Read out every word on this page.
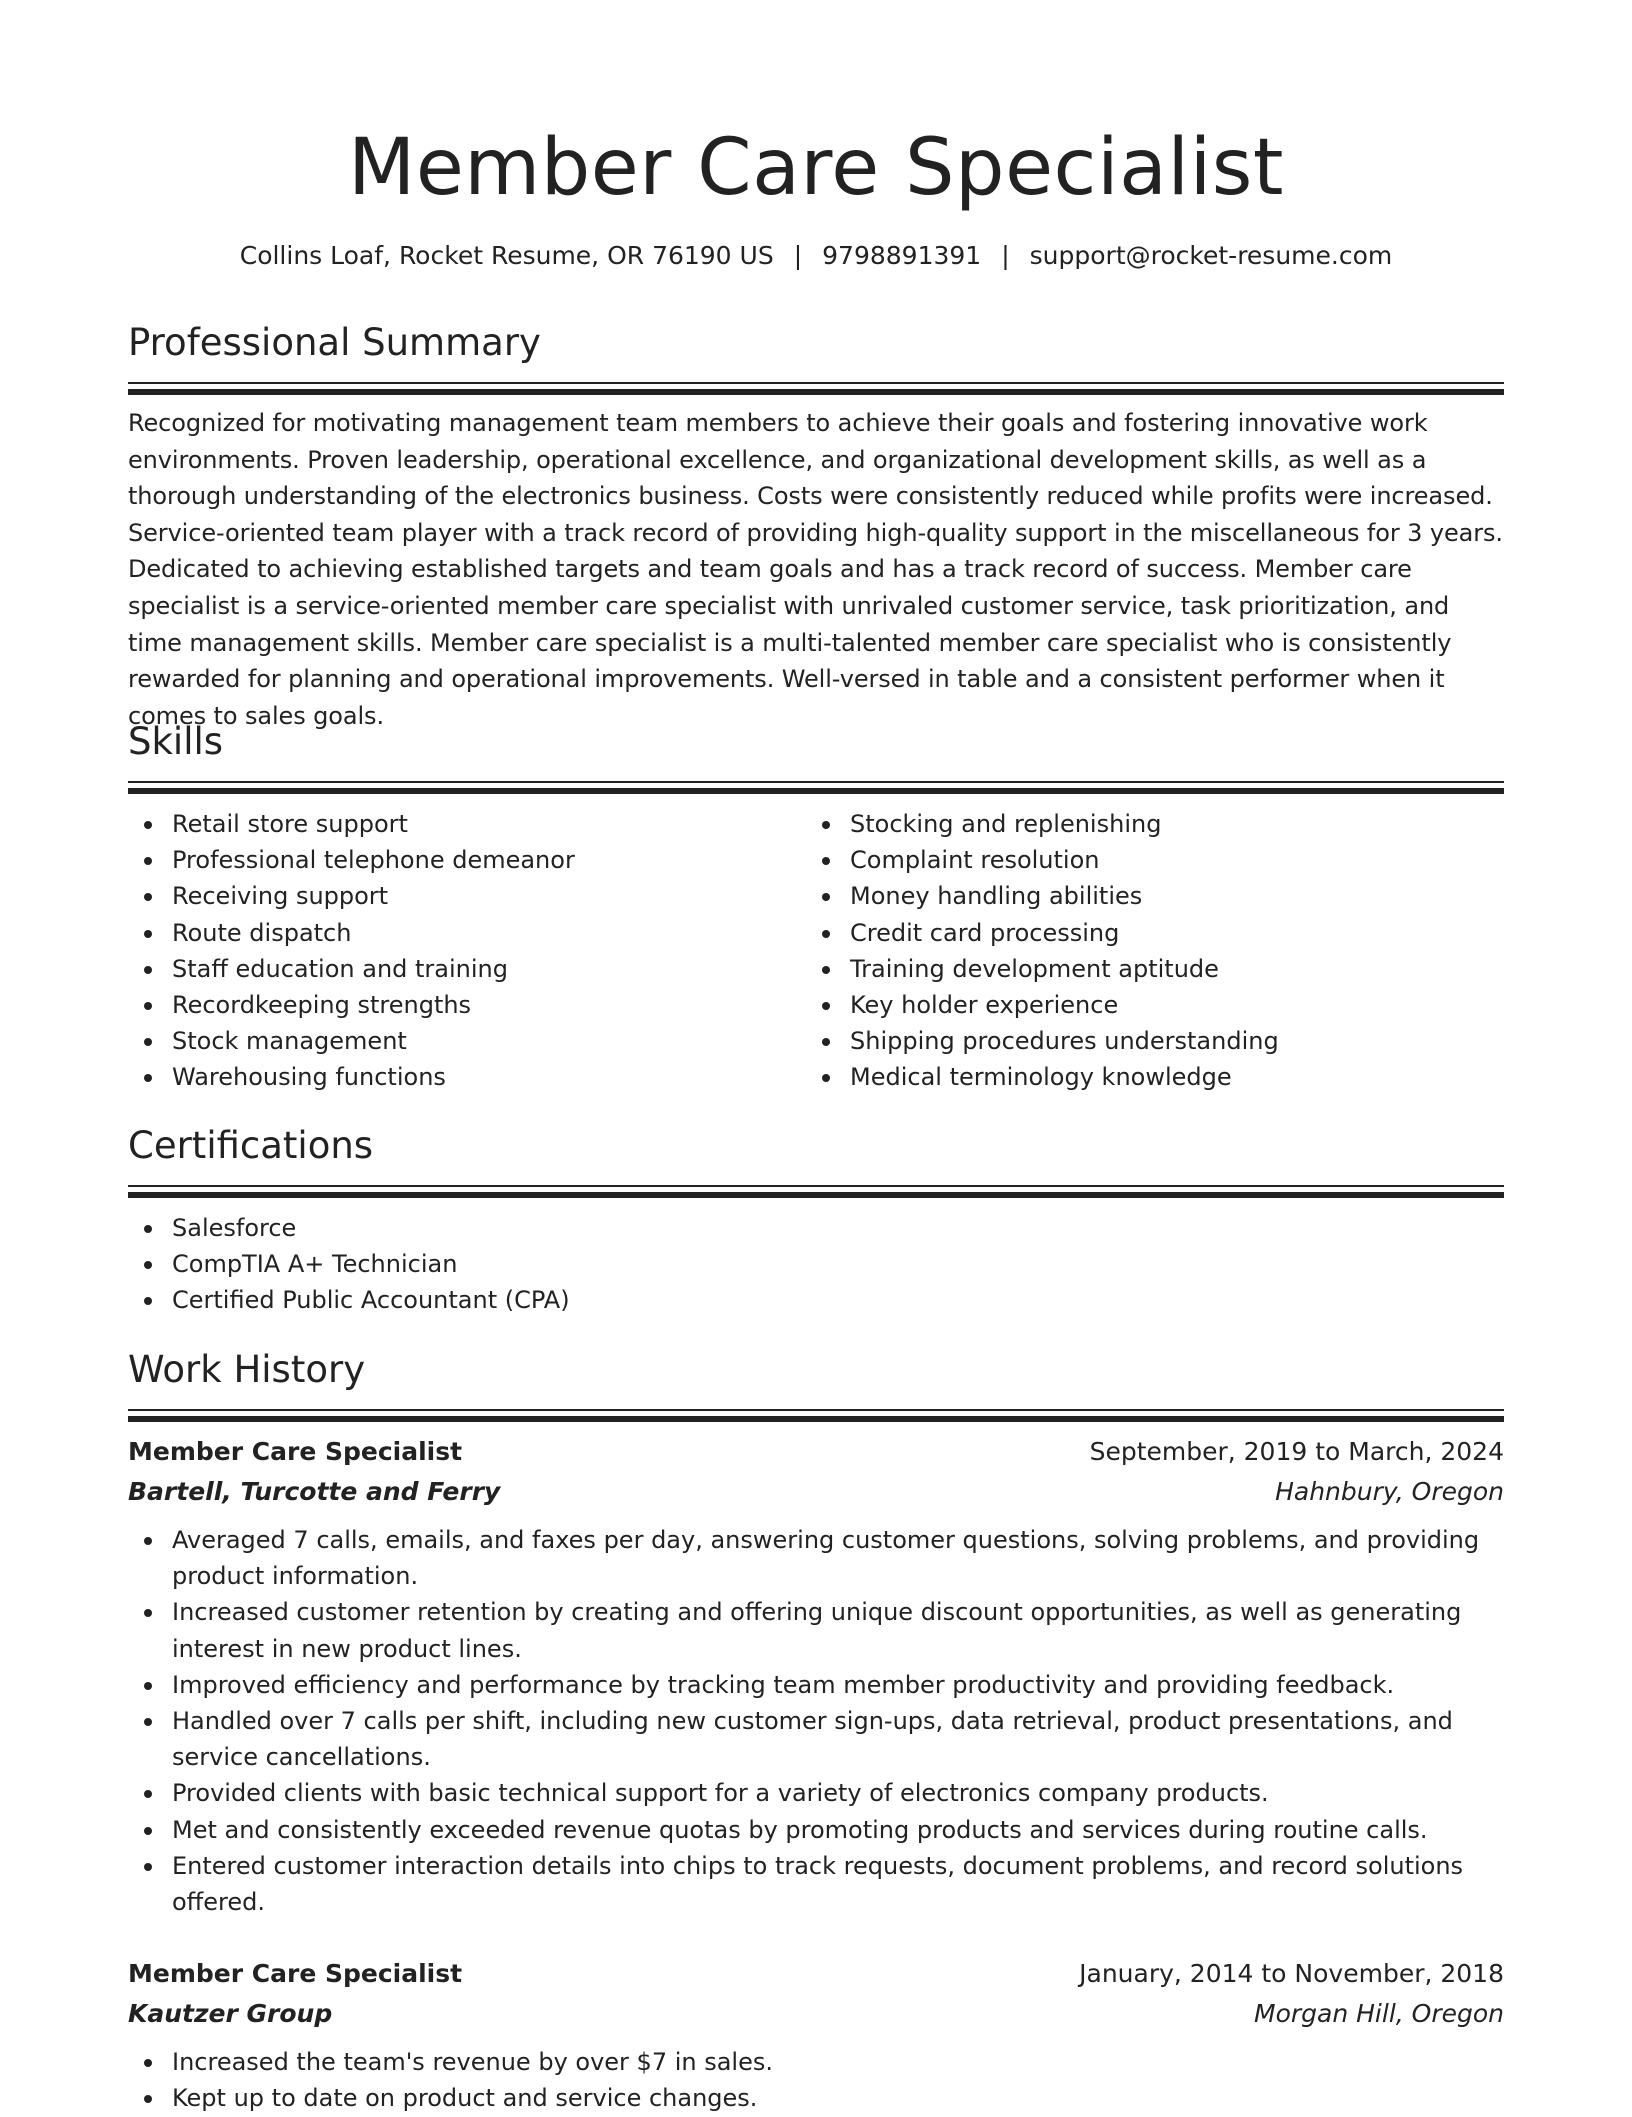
Member Care Specialist
Collins Loaf, Rocket Resume, OR 76190 US | 9798891391 | support@rocket-resume.com
Professional Summary
Recognized for motivating management team members to achieve their goals and fostering innovative work environments. Proven leadership, operational excellence, and organizational development skills, as well as a thorough understanding of the electronics business. Costs were consistently reduced while profits were increased. Service-oriented team player with a track record of providing high-quality support in the miscellaneous for 3 years. Dedicated to achieving established targets and team goals and has a track record of success. Member care specialist is a service-oriented member care specialist with unrivaled customer service, task prioritization, and time management skills. Member care specialist is a multi-talented member care specialist who is consistently rewarded for planning and operational improvements. Well-versed in table and a consistent performer when it comes to sales goals.
Skills
Retail store support
Professional telephone demeanor
Receiving support
Route dispatch
Staff education and training
Recordkeeping strengths
Stock management
Warehousing functions
Stocking and replenishing
Complaint resolution
Money handling abilities
Credit card processing
Training development aptitude
Key holder experience
Shipping procedures understanding
Medical terminology knowledge
Certifications
Salesforce
CompTIA A+ Technician
Certified Public Accountant (CPA)
Work History
Member Care Specialist	September, 2019 to March, 2024
Bartell, Turcotte and Ferry	Hahnbury, Oregon
Averaged 7 calls, emails, and faxes per day, answering customer questions, solving problems, and providing product information.
Increased customer retention by creating and offering unique discount opportunities, as well as generating interest in new product lines.
Improved efficiency and performance by tracking team member productivity and providing feedback.
Handled over 7 calls per shift, including new customer sign-ups, data retrieval, product presentations, and service cancellations.
Provided clients with basic technical support for a variety of electronics company products.
Met and consistently exceeded revenue quotas by promoting products and services during routine calls.
Entered customer interaction details into chips to track requests, document problems, and record solutions offered.
Member Care Specialist	January, 2014 to November, 2018
Kautzer Group	Morgan Hill, Oregon
Increased the team's revenue by over $7 in sales.
Kept up to date on product and service changes.
